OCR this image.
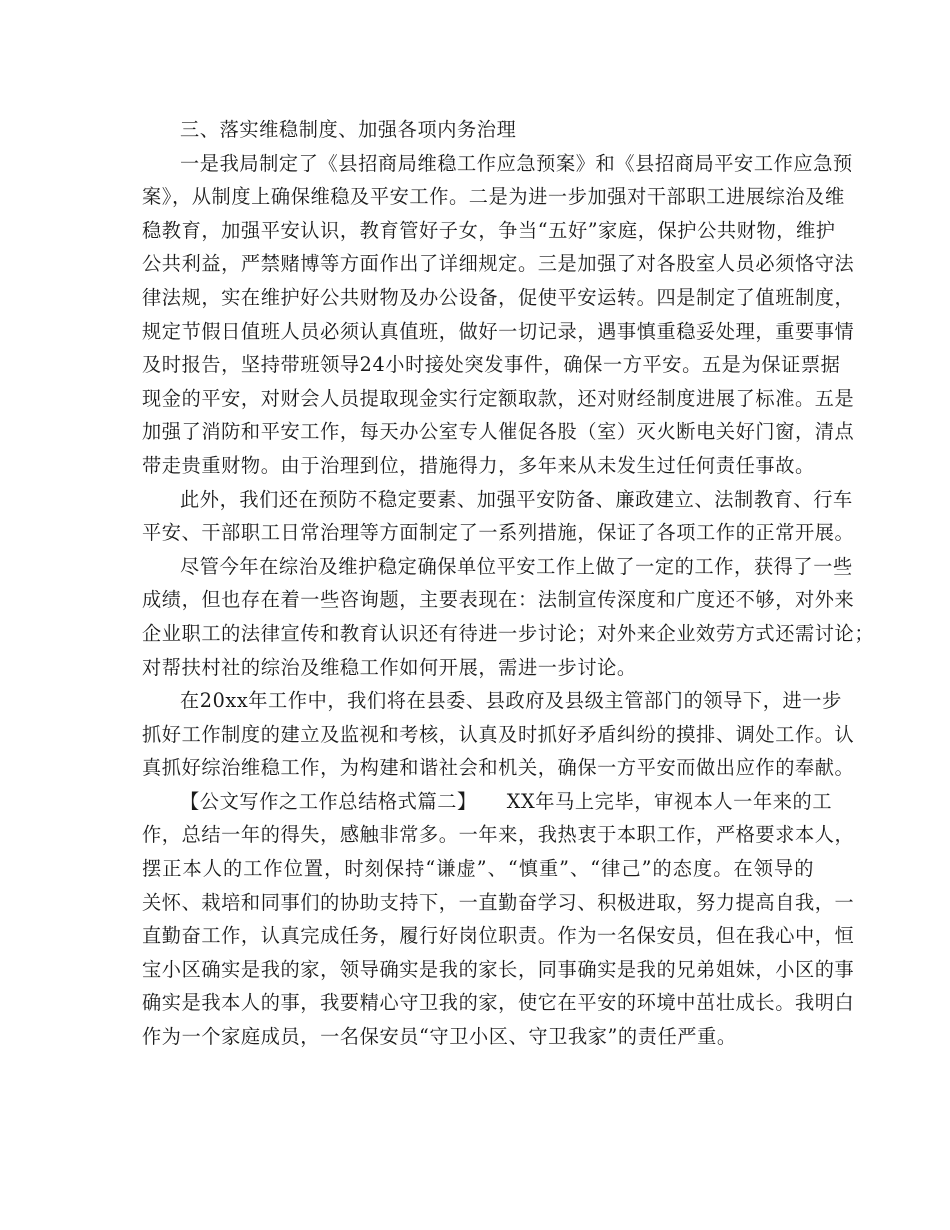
三、落实维稳制度、加强各项内务治理
一是我局制定了《县招商局维稳工作应急预案》和《县招商局平安工作应急预
案》，从制度上确保维稳及平安工作。二是为进一步加强对干部职工进展综治及维
稳教育，加强平安认识，教育管好子女，争当“五好”家庭，保护公共财物，维护
公共利益，严禁赌博等方面作出了详细规定。三是加强了对各股室人员必须恪守法
律法规，实在维护好公共财物及办公设备，促使平安运转。四是制定了值班制度，
规定节假日值班人员必须认真值班，做好一切记录，遇事慎重稳妥处理，重要事情
及时报告，坚持带班领导24小时接处突发事件，确保一方平安。五是为保证票据
现金的平安，对财会人员提取现金实行定额取款，还对财经制度进展了标准。五是
加强了消防和平安工作，每天办公室专人催促各股（室）灭火断电关好门窗，清点
带走贵重财物。由于治理到位，措施得力，多年来从未发生过任何责任事故。
此外，我们还在预防不稳定要素、加强平安防备、廉政建立、法制教育、行车
平安、干部职工日常治理等方面制定了一系列措施，保证了各项工作的正常开展。
尽管今年在综治及维护稳定确保单位平安工作上做了一定的工作，获得了一些
成绩，但也存在着一些咨询题，主要表现在：法制宣传深度和广度还不够，对外来
企业职工的法律宣传和教育认识还有待进一步讨论；对外来企业效劳方式还需讨论；
对帮扶村社的综治及维稳工作如何开展，需进一步讨论。
在20xx年工作中，我们将在县委、县政府及县级主管部门的领导下，进一步
抓好工作制度的建立及监视和考核，认真及时抓好矛盾纠纷的摸排、调处工作。认
真抓好综治维稳工作，为构建和谐社会和机关，确保一方平安而做出应作的奉献。
【公文写作之工作总结格式篇二】　　XX年马上完毕，审视本人一年来的工
作，总结一年的得失，感触非常多。一年来，我热衷于本职工作，严格要求本人，
摆正本人的工作位置，时刻保持“谦虚”、“慎重”、“律己”的态度。在领导的
关怀、栽培和同事们的协助支持下，一直勤奋学习、积极进取，努力提高自我，一
直勤奋工作，认真完成任务，履行好岗位职责。作为一名保安员，但在我心中，恒
宝小区确实是我的家，领导确实是我的家长，同事确实是我的兄弟姐妹，小区的事
确实是我本人的事，我要精心守卫我的家，使它在平安的环境中茁壮成长。我明白
作为一个家庭成员，一名保安员“守卫小区、守卫我家”的责任严重。
